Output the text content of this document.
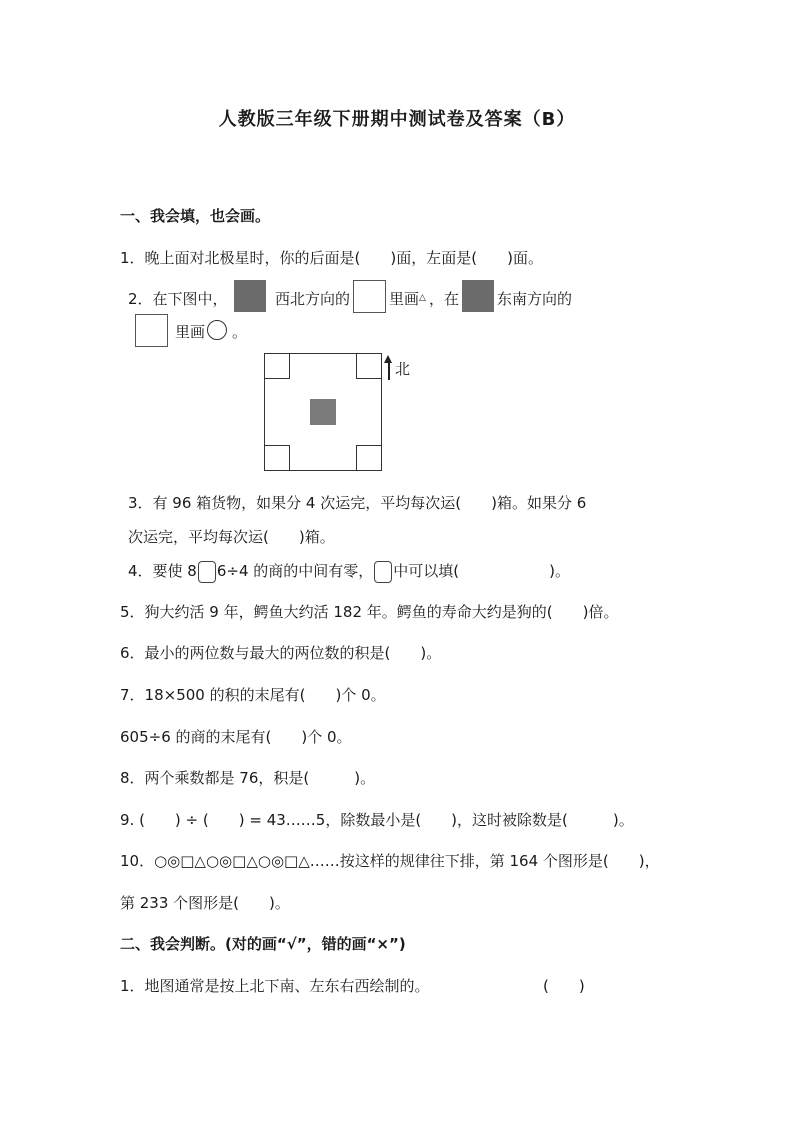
人教版三年级下册期中测试卷及答案（B）
一、我会填，也会画。
1．晚上面对北极星时，你的后面是(　　)面，左面是(　　)面。
2．在下图中，	西北方向的	里画 △ ，在	东南方向的
里画 。
北
3．有 96 箱货物，如果分 4 次运完，平均每次运(　　)箱。如果分 6
次运完，平均每次运(　　)箱。
4．要使 8 6÷4 的商的中间有零， 中可以填(　　　　　　)。
5．狗大约活 9 年，鳄鱼大约活 182 年。鳄鱼的寿命大约是狗的(　　)倍。
6．最小的两位数与最大的两位数的积是(　　)。
7．18×500 的积的末尾有(　　)个 0。
605÷6 的商的末尾有(　　)个 0。
8．两个乘数都是 76，积是(　　　)。
9. (　　) ÷ (　　) = 43……5，除数最小是(　　)，这时被除数是(　　　)。
10．○◎□△○◎□△○◎□△……按这样的规律往下排，第 164 个图形是(　　)，
第 233 个图形是(　　)。
二、我会判断。(对的画“√”，错的画“×”)
1．地图通常是按上北下南、左东右西绘制的。	(　　)
